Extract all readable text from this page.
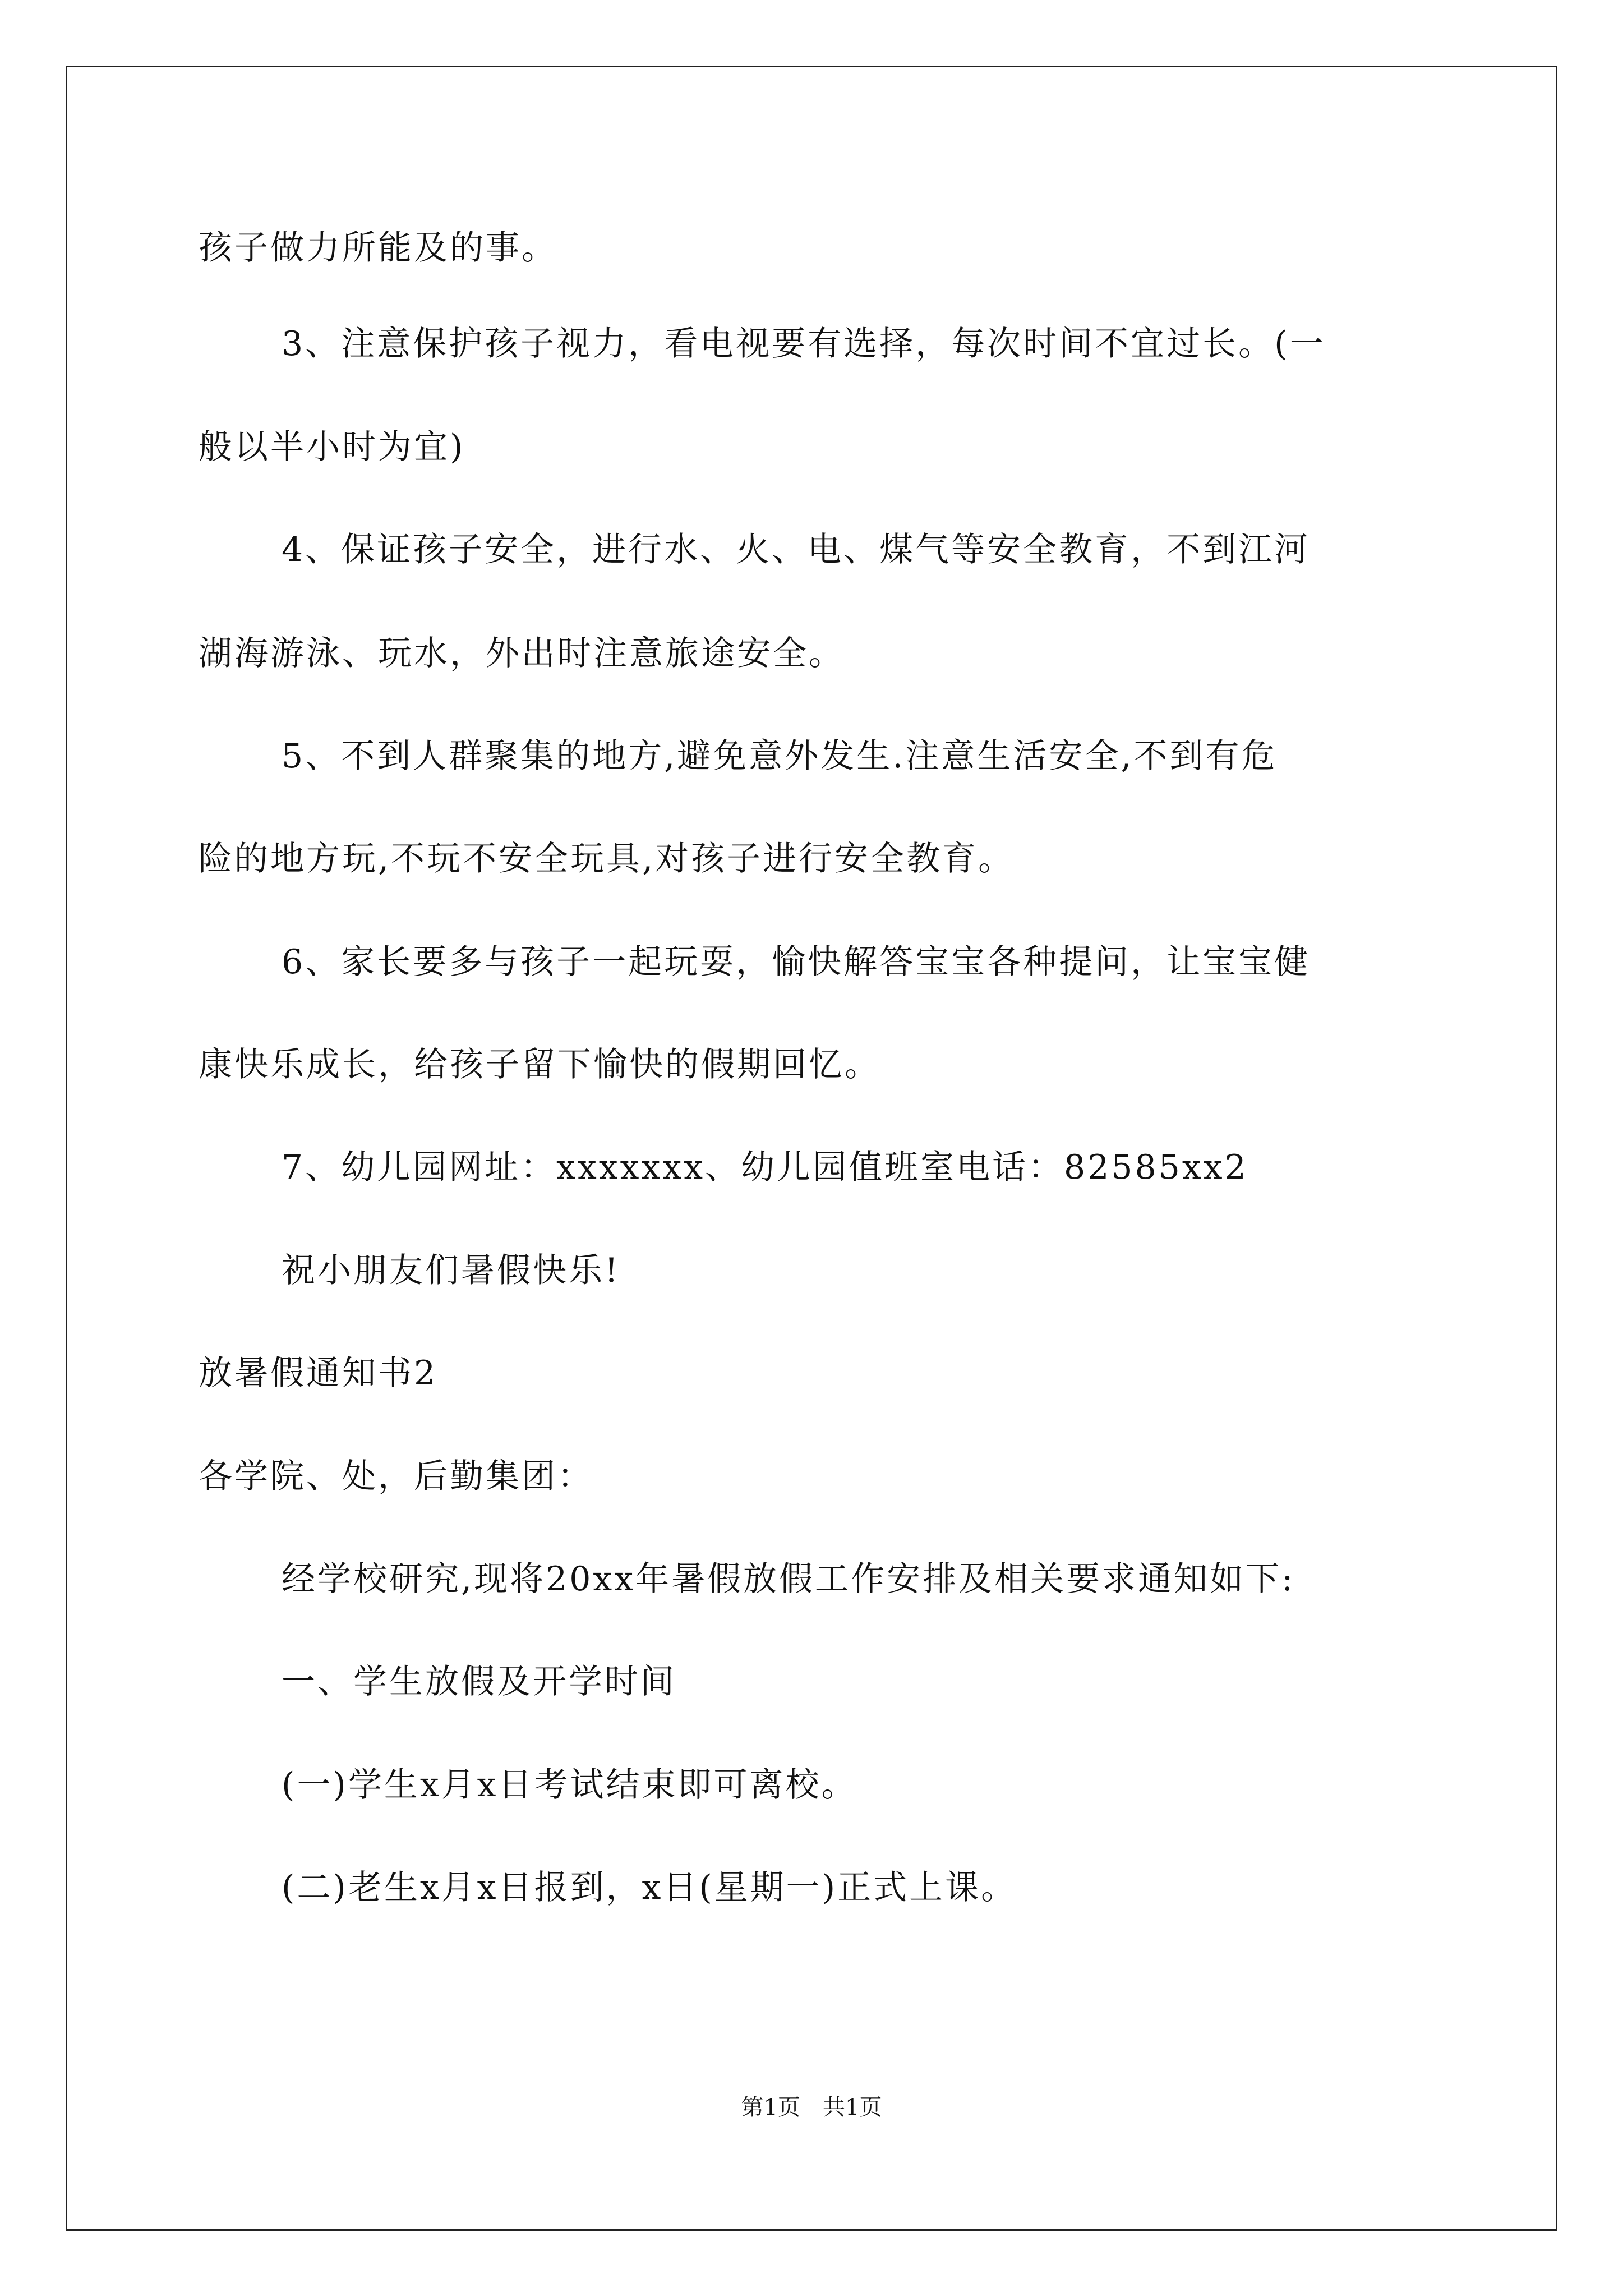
孩子做力所能及的事。

3、注意保护孩子视力，看电视要有选择，每次时间不宜过长。(一

般以半小时为宜)

4、保证孩子安全，进行水、火、电、煤气等安全教育，不到江河

湖海游泳、玩水，外出时注意旅途安全。

5、不到人群聚集的地方,避免意外发生.注意生活安全,不到有危

险的地方玩,不玩不安全玩具,对孩子进行安全教育。

6、家长要多与孩子一起玩耍，愉快解答宝宝各种提问，让宝宝健

康快乐成长，给孩子留下愉快的假期回忆。

7、幼儿园网址：xxxxxxx、幼儿园值班室电话：82585xx2

祝小朋友们暑假快乐!

放暑假通知书2

各学院、处，后勤集团：

经学校研究,现将20xx年暑假放假工作安排及相关要求通知如下:

一、学生放假及开学时间

(一)学生x月x日考试结束即可离校。

(二)老生x月x日报到，x日(星期一)正式上课。

第1页　共1页
